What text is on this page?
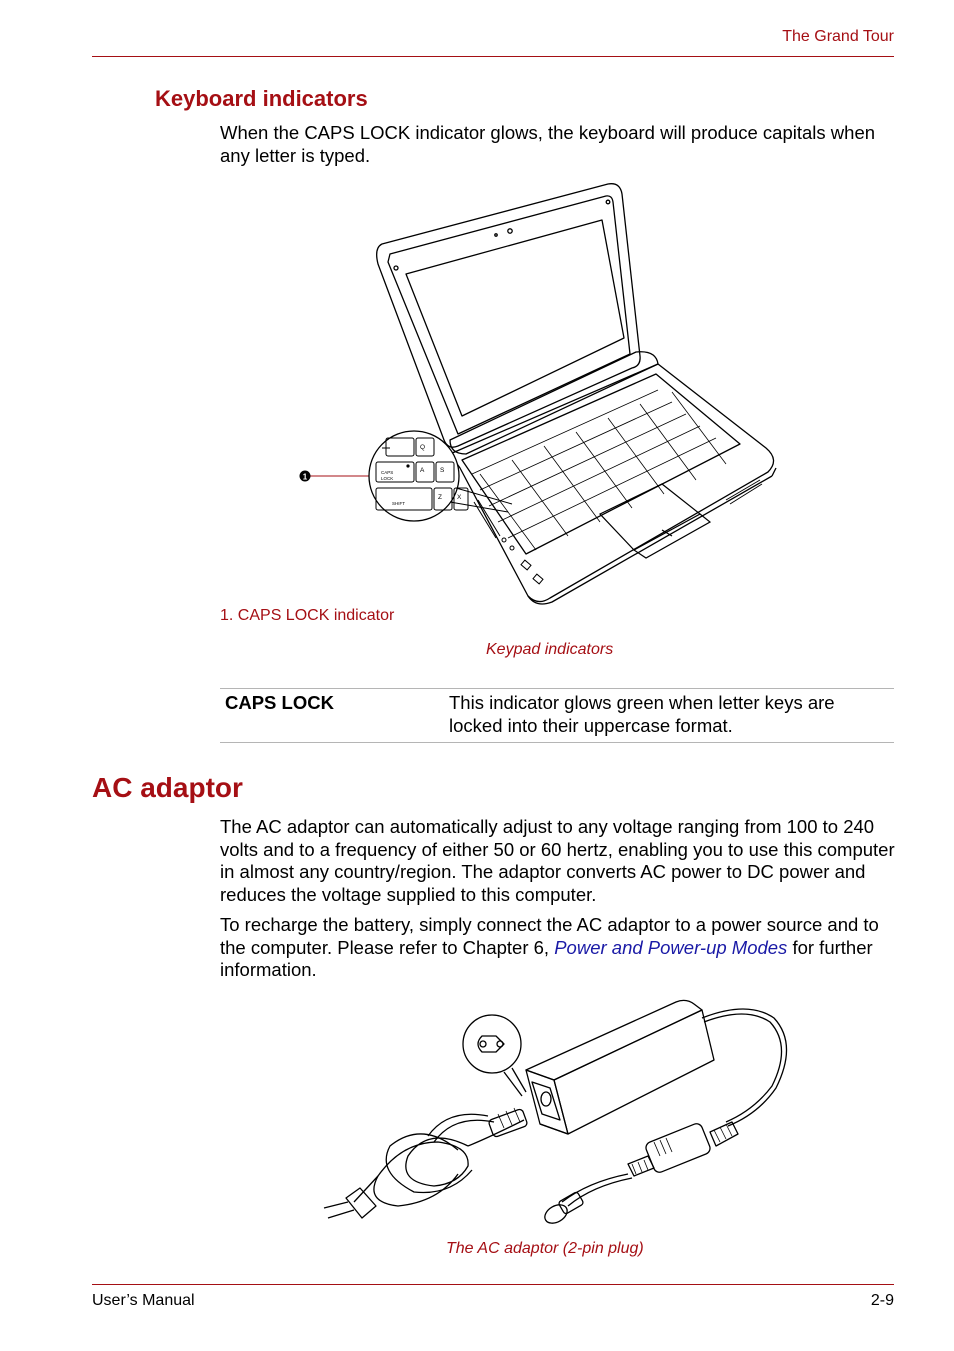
The Grand Tour
Keyboard indicators
When the CAPS LOCK indicator glows, the keyboard will produce capitals when any letter is typed.
1
Q
CAPS
LOCK
A S
SHIFT
Z X
1. CAPS LOCK indicator
Keypad indicators
CAPS LOCK	This indicator glows green when letter keys are locked into their uppercase format.
AC adaptor
The AC adaptor can automatically adjust to any voltage ranging from 100 to 240 volts and to a frequency of either 50 or 60 hertz, enabling you to use this computer in almost any country/region. The adaptor converts AC power to DC power and reduces the voltage supplied to this computer.
To recharge the battery, simply connect the AC adaptor to a power source and to the computer. Please refer to Chapter 6, Power and Power-up Modes for further information.
The AC adaptor (2-pin plug)
User’s Manual	2-9
